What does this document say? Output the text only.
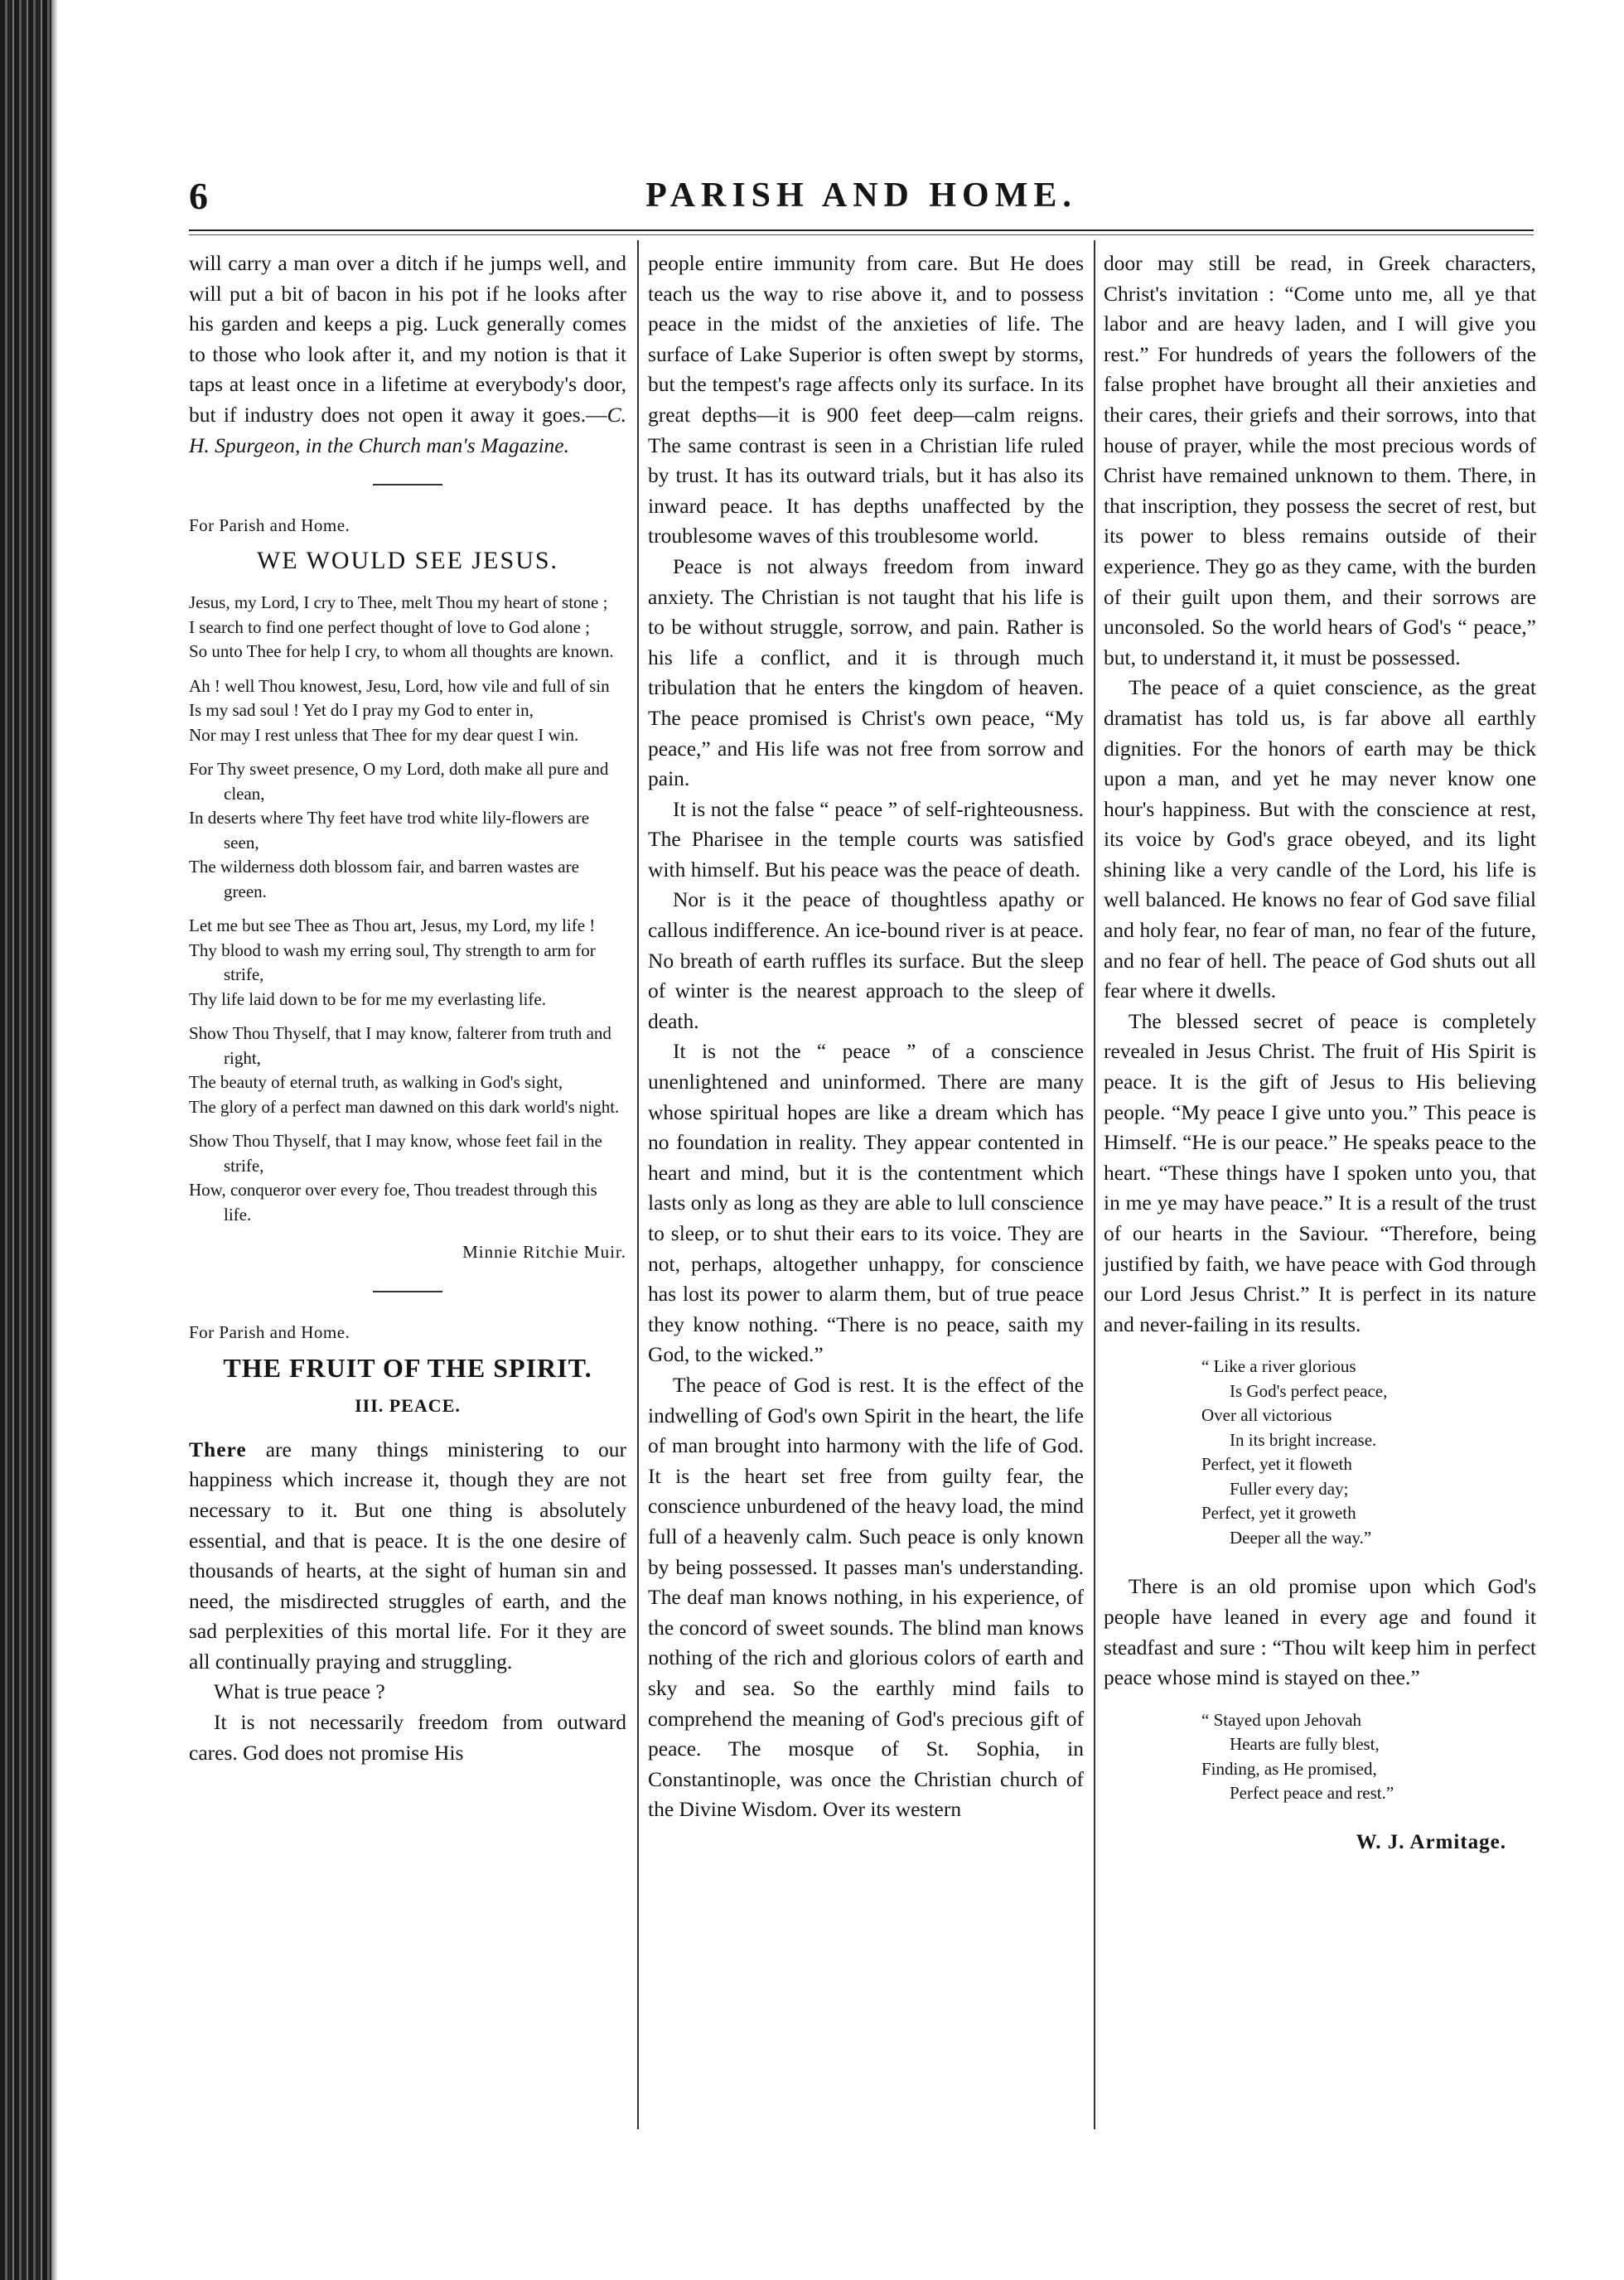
6	PARISH AND HOME.

will carry a man over a ditch if he jumps well, and will put a bit of bacon in his pot if he looks after his garden and keeps a pig. Luck generally comes to those who look after it, and my notion is that it taps at least once in a lifetime at everybody's door, but if industry does not open it away it goes.—C. H. Spurgeon, in the Church man's Magazine.

For Parish and Home.
WE WOULD SEE JESUS.
Jesus, my Lord, I cry to Thee, melt Thou my heart of stone ;
I search to find one perfect thought of love to God alone ;
So unto Thee for help I cry, to whom all thoughts are known.
Ah ! well Thou knowest, Jesu, Lord, how vile and full of sin
Is my sad soul ! Yet do I pray my God to enter in,
Nor may I rest unless that Thee for my dear quest I win.
For Thy sweet presence, O my Lord, doth make all pure and clean,
In deserts where Thy feet have trod white lily-flowers are seen,
The wilderness doth blossom fair, and barren wastes are green.
Let me but see Thee as Thou art, Jesus, my Lord, my life !
Thy blood to wash my erring soul, Thy strength to arm for strife,
Thy life laid down to be for me my everlasting life.
Show Thou Thyself, that I may know, falterer from truth and right,
The beauty of eternal truth, as walking in God's sight,
The glory of a perfect man dawned on this dark world's night.
Show Thou Thyself, that I may know, whose feet fail in the strife,
How, conqueror over every foe, Thou treadest through this life.
Minnie Ritchie Muir.
For Parish and Home.
THE FRUIT OF THE SPIRIT.
III. PEACE.

There are many things ministering to our happiness which increase it, though they are not necessary to it. But one thing is absolutely essential, and that is peace. It is the one desire of thousands of hearts, at the sight of human sin and need, the misdirected struggles of earth, and the sad perplexities of this mortal life. For it they are all continually praying and struggling.

What is true peace ?

It is not necessarily freedom from outward cares. God does not promise His

people entire immunity from care. But He does teach us the way to rise above it, and to possess peace in the midst of the anxieties of life. The surface of Lake Superior is often swept by storms, but the tempest's rage affects only its surface. In its great depths—it is 900 feet deep—calm reigns. The same contrast is seen in a Christian life ruled by trust. It has its outward trials, but it has also its inward peace. It has depths unaffected by the troublesome waves of this troublesome world.

Peace is not always freedom from inward anxiety. The Christian is not taught that his life is to be without struggle, sorrow, and pain. Rather is his life a conflict, and it is through much tribulation that he enters the kingdom of heaven. The peace promised is Christ's own peace, “My peace,” and His life was not free from sorrow and pain.

It is not the false “ peace ” of self-righteousness. The Pharisee in the temple courts was satisfied with himself. But his peace was the peace of death.

Nor is it the peace of thoughtless apathy or callous indifference. An ice-bound river is at peace. No breath of earth ruffles its surface. But the sleep of winter is the nearest approach to the sleep of death.

It is not the “ peace ” of a conscience unenlightened and uninformed. There are many whose spiritual hopes are like a dream which has no foundation in reality. They appear contented in heart and mind, but it is the contentment which lasts only as long as they are able to lull conscience to sleep, or to shut their ears to its voice. They are not, perhaps, altogether unhappy, for conscience has lost its power to alarm them, but of true peace they know nothing. “There is no peace, saith my God, to the wicked.”

The peace of God is rest. It is the effect of the indwelling of God's own Spirit in the heart, the life of man brought into harmony with the life of God. It is the heart set free from guilty fear, the conscience unburdened of the heavy load, the mind full of a heavenly calm. Such peace is only known by being possessed. It passes man's understanding. The deaf man knows nothing, in his experience, of the concord of sweet sounds. The blind man knows nothing of the rich and glorious colors of earth and sky and sea. So the earthly mind fails to comprehend the meaning of God's precious gift of peace. The mosque of St. Sophia, in Constantinople, was once the Christian church of the Divine Wisdom. Over its western

door may still be read, in Greek characters, Christ's invitation : “Come unto me, all ye that labor and are heavy laden, and I will give you rest.” For hundreds of years the followers of the false prophet have brought all their anxieties and their cares, their griefs and their sorrows, into that house of prayer, while the most precious words of Christ have remained unknown to them. There, in that inscription, they possess the secret of rest, but its power to bless remains outside of their experience. They go as they came, with the burden of their guilt upon them, and their sorrows are unconsoled. So the world hears of God's “ peace,” but, to understand it, it must be possessed.

The peace of a quiet conscience, as the great dramatist has told us, is far above all earthly dignities. For the honors of earth may be thick upon a man, and yet he may never know one hour's happiness. But with the conscience at rest, its voice by God's grace obeyed, and its light shining like a very candle of the Lord, his life is well balanced. He knows no fear of God save filial and holy fear, no fear of man, no fear of the future, and no fear of hell. The peace of God shuts out all fear where it dwells.

The blessed secret of peace is completely revealed in Jesus Christ. The fruit of His Spirit is peace. It is the gift of Jesus to His believing people. “My peace I give unto you.” This peace is Himself. “He is our peace.” He speaks peace to the heart. “These things have I spoken unto you, that in me ye may have peace.” It is a result of the trust of our hearts in the Saviour. “Therefore, being justified by faith, we have peace with God through our Lord Jesus Christ.” It is perfect in its nature and never-failing in its results.

“ Like a river glorious
Is God's perfect peace,
Over all victorious
In its bright increase.
Perfect, yet it floweth
Fuller every day;
Perfect, yet it groweth
Deeper all the way.”

There is an old promise upon which God's people have leaned in every age and found it steadfast and sure : “Thou wilt keep him in perfect peace whose mind is stayed on thee.”

“ Stayed upon Jehovah
Hearts are fully blest,
Finding, as He promised,
Perfect peace and rest.”
W. J. Armitage.
